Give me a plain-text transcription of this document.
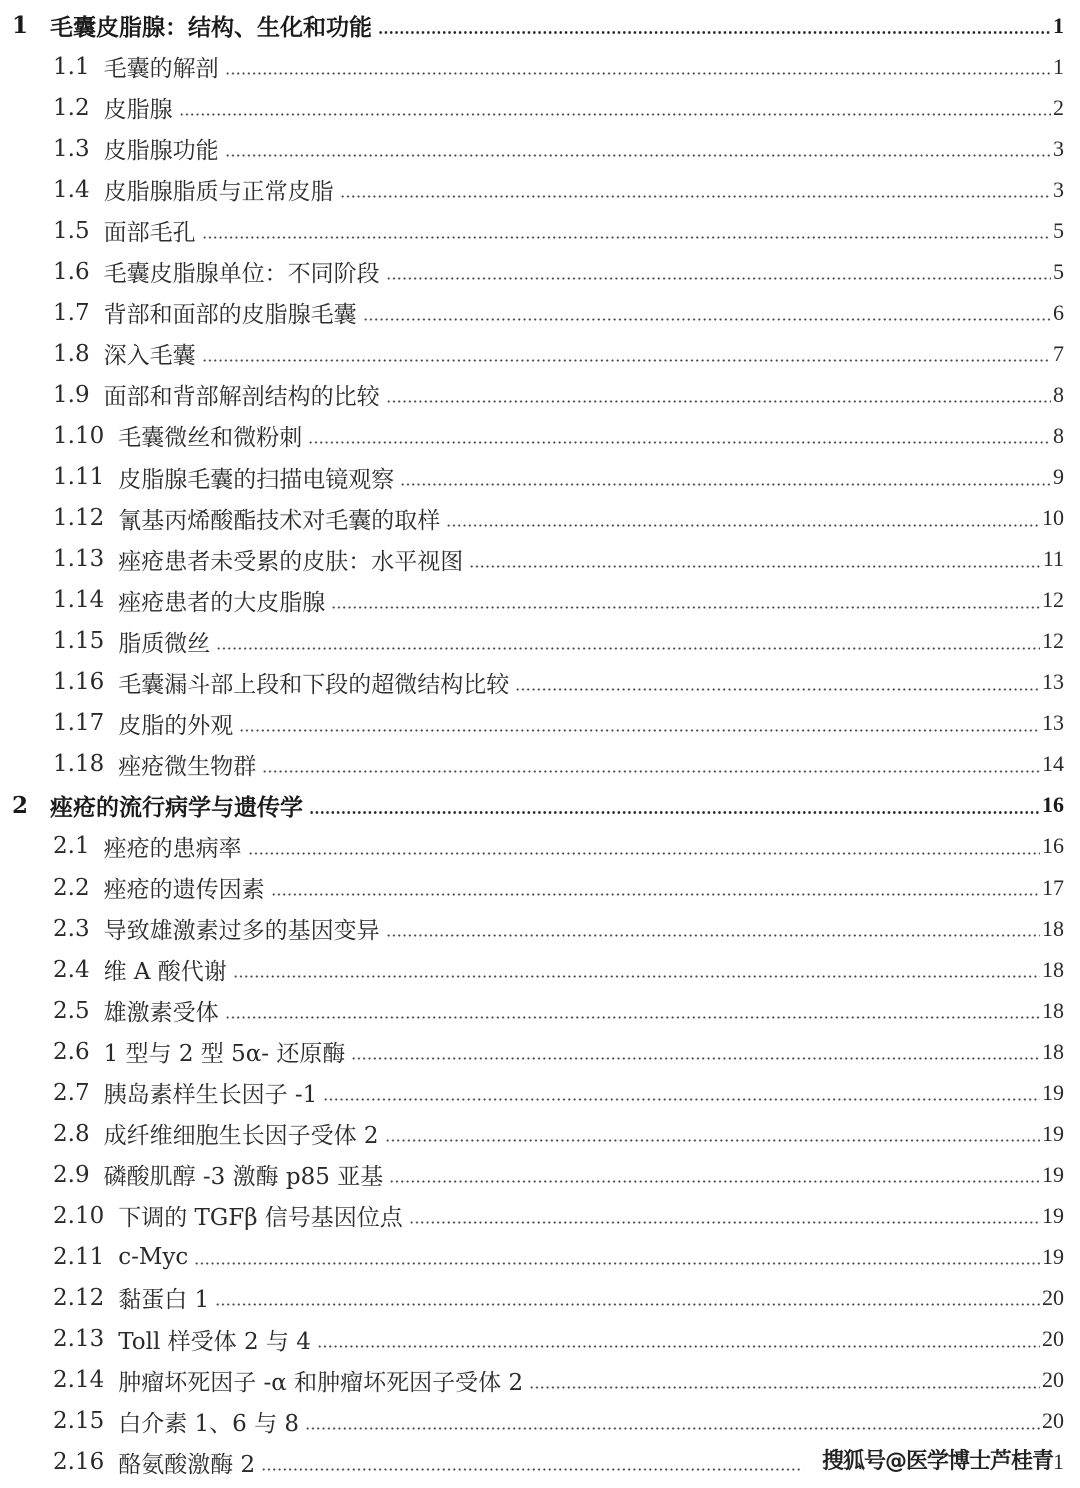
1 毛囊皮脂腺：结构、生化和功能	1
1.1 毛囊的解剖	1
1.2 皮脂腺	2
1.3 皮脂腺功能	3
1.4 皮脂腺脂质与正常皮脂	3
1.5 面部毛孔	5
1.6 毛囊皮脂腺单位：不同阶段	5
1.7 背部和面部的皮脂腺毛囊	6
1.8 深入毛囊	7
1.9 面部和背部解剖结构的比较	8
1.10 毛囊微丝和微粉刺	8
1.11 皮脂腺毛囊的扫描电镜观察	9
1.12 氰基丙烯酸酯技术对毛囊的取样	10
1.13 痤疮患者未受累的皮肤：水平视图	11
1.14 痤疮患者的大皮脂腺	12
1.15 脂质微丝	12
1.16 毛囊漏斗部上段和下段的超微结构比较	13
1.17 皮脂的外观	13
1.18 痤疮微生物群	14
2 痤疮的流行病学与遗传学	16
2.1 痤疮的患病率	16
2.2 痤疮的遗传因素	17
2.3 导致雄激素过多的基因变异	18
2.4 维 A 酸代谢	18
2.5 雄激素受体	18
2.6 1 型与 2 型 5α- 还原酶	18
2.7 胰岛素样生长因子 -1	19
2.8 成纤维细胞生长因子受体 2	19
2.9 磷酸肌醇 -3 激酶 p85 亚基	19
2.10 下调的 TGFβ 信号基因位点	19
2.11 c-Myc	19
2.12 黏蛋白 1	20
2.13 Toll 样受体 2 与 4	20
2.14 肿瘤坏死因子 -α 和肿瘤坏死因子受体 2	20
2.15 白介素 1、6 与 8	20
2.16 酪氨酸激酶 2	1
搜狐号@医学博士芦桂青
